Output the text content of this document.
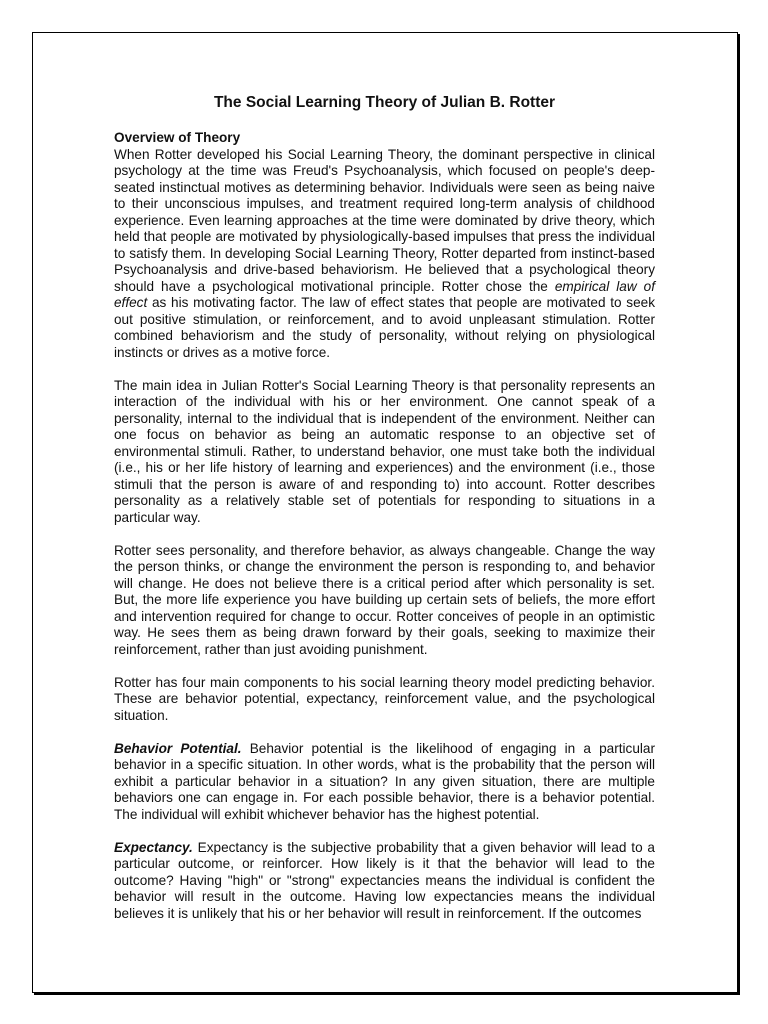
The Social Learning Theory of Julian B. Rotter
Overview of Theory

When Rotter developed his Social Learning Theory, the dominant perspective in clinical psychology at the time was Freud's Psychoanalysis, which focused on people's deep-seated instinctual motives as determining behavior. Individuals were seen as being naive to their unconscious impulses, and treatment required long-term analysis of childhood experience. Even learning approaches at the time were dominated by drive theory, which held that people are motivated by physiologically-based impulses that press the individual to satisfy them. In developing Social Learning Theory, Rotter departed from instinct-based Psychoanalysis and drive-based behaviorism. He believed that a psychological theory should have a psychological motivational principle. Rotter chose the empirical law of effect as his motivating factor. The law of effect states that people are motivated to seek out positive stimulation, or reinforcement, and to avoid unpleasant stimulation. Rotter combined behaviorism and the study of personality, without relying on physiological instincts or drives as a motive force.

The main idea in Julian Rotter's Social Learning Theory is that personality represents an interaction of the individual with his or her environment. One cannot speak of a personality, internal to the individual that is independent of the environment. Neither can one focus on behavior as being an automatic response to an objective set of environmental stimuli. Rather, to understand behavior, one must take both the individual (i.e., his or her life history of learning and experiences) and the environment (i.e., those stimuli that the person is aware of and responding to) into account. Rotter describes personality as a relatively stable set of potentials for responding to situations in a particular way.

Rotter sees personality, and therefore behavior, as always changeable. Change the way the person thinks, or change the environment the person is responding to, and behavior will change. He does not believe there is a critical period after which personality is set. But, the more life experience you have building up certain sets of beliefs, the more effort and intervention required for change to occur. Rotter conceives of people in an optimistic way. He sees them as being drawn forward by their goals, seeking to maximize their reinforcement, rather than just avoiding punishment.

Rotter has four main components to his social learning theory model predicting behavior. These are behavior potential, expectancy, reinforcement value, and the psychological situation.

Behavior Potential. Behavior potential is the likelihood of engaging in a particular behavior in a specific situation. In other words, what is the probability that the person will exhibit a particular behavior in a situation? In any given situation, there are multiple behaviors one can engage in. For each possible behavior, there is a behavior potential. The individual will exhibit whichever behavior has the highest potential.

Expectancy. Expectancy is the subjective probability that a given behavior will lead to a particular outcome, or reinforcer. How likely is it that the behavior will lead to the outcome? Having "high" or "strong" expectancies means the individual is confident the behavior will result in the outcome. Having low expectancies means the individual believes it is unlikely that his or her behavior will result in reinforcement. If the outcomes
